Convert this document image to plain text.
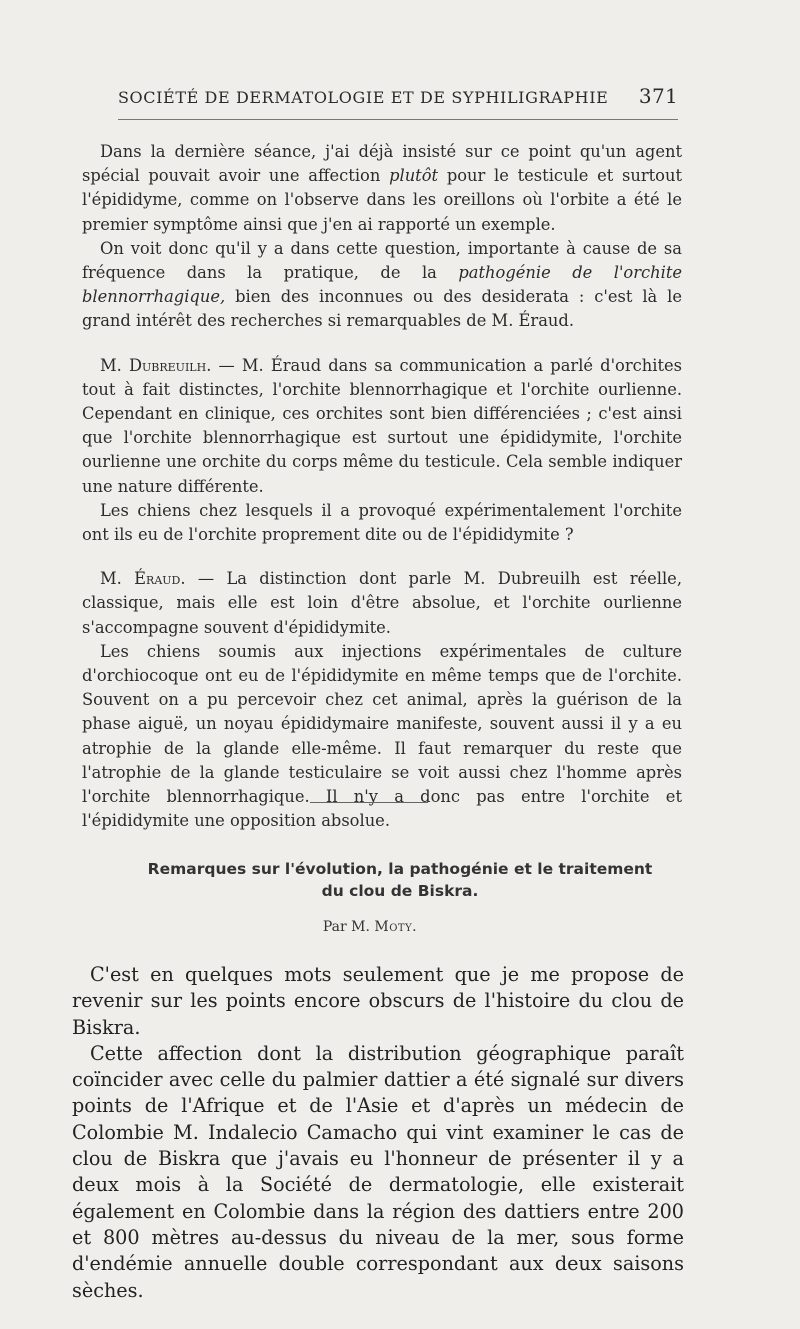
SOCIÉTÉ DE DERMATOLOGIE ET DE SYPHILIGRAPHIE 371

Dans la dernière séance, j'ai déjà insisté sur ce point qu'un agent spécial pouvait avoir une affection plutôt pour le testicule et surtout l'épididyme, comme on l'observe dans les oreillons où l'orbite a été le premier symptôme ainsi que j'en ai rapporté un exemple.

On voit donc qu'il y a dans cette question, importante à cause de sa fréquence dans la pratique, de la pathogénie de l'orchite blennorrhagique, bien des inconnues ou des desiderata : c'est là le grand intérêt des recherches si remarquables de M. Éraud.

M. Dubreuilh. — M. Éraud dans sa communication a parlé d'orchites tout à fait distinctes, l'orchite blennorrhagique et l'orchite ourlienne. Cependant en clinique, ces orchites sont bien différenciées ; c'est ainsi que l'orchite blennorrhagique est surtout une épididymite, l'orchite ourlienne une orchite du corps même du testicule. Cela semble indiquer une nature différente.

Les chiens chez lesquels il a provoqué expérimentalement l'orchite ont ils eu de l'orchite proprement dite ou de l'épididymite ?

M. Éraud. — La distinction dont parle M. Dubreuilh est réelle, classique, mais elle est loin d'être absolue, et l'orchite ourlienne s'accompagne souvent d'épididymite.

Les chiens soumis aux injections expérimentales de culture d'orchiocoque ont eu de l'épididymite en même temps que de l'orchite. Souvent on a pu percevoir chez cet animal, après la guérison de la phase aiguë, un noyau épididymaire manifeste, souvent aussi il y a eu atrophie de la glande elle-même. Il faut remarquer du reste que l'atrophie de la glande testiculaire se voit aussi chez l'homme après l'orchite blennorrhagique. Il n'y a donc pas entre l'orchite et l'épididymite une opposition absolue.

Remarques sur l'évolution, la pathogénie et le traitement
du clou de Biskra.
Par M. Moty.

C'est en quelques mots seulement que je me propose de revenir sur les points encore obscurs de l'histoire du clou de Biskra.

Cette affection dont la distribution géographique paraît coïncider avec celle du palmier dattier a été signalé sur divers points de l'Afrique et de l'Asie et d'après un médecin de Colombie M. Indalecio Camacho qui vint examiner le cas de clou de Biskra que j'avais eu l'honneur de présenter il y a deux mois à la Société de dermatologie, elle existerait également en Colombie dans la région des dattiers entre 200 et 800 mètres au-dessus du niveau de la mer, sous forme d'endémie annuelle double correspondant aux deux saisons sèches.
